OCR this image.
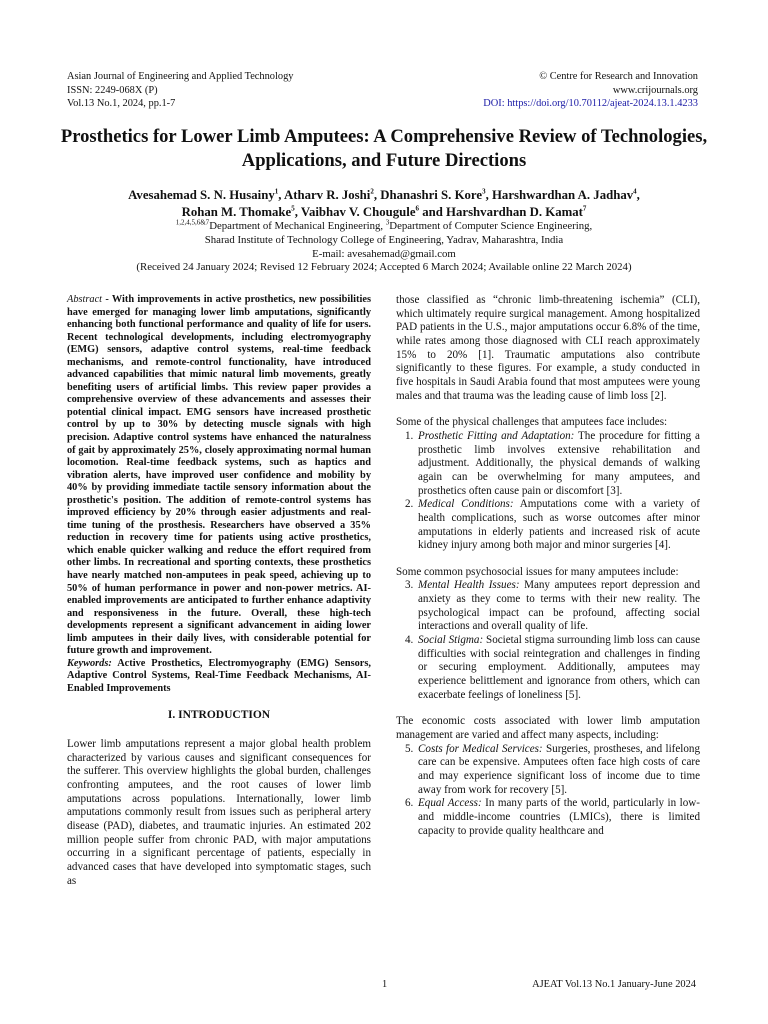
Asian Journal of Engineering and Applied Technology
ISSN: 2249-068X (P)
Vol.13 No.1, 2024, pp.1-7
© Centre for Research and Innovation
www.crijournals.org
DOI: https://doi.org/10.70112/ajeat-2024.13.1.4233
Prosthetics for Lower Limb Amputees: A Comprehensive Review of Technologies, Applications, and Future Directions
Avesahemad S. N. Husainy$^1$, Atharv R. Joshi$^2$, Dhanashri S. Kore$^3$, Harshwardhan A. Jadhav$^4$,
Rohan M. Thomake$^5$, Vaibhav V. Chougule$^6$ and Harshvardhan D. Kamat$^7$
$^{1,2,4,5,6\&7}$Department of Mechanical Engineering, $^3$Department of Computer Science Engineering,
Sharad Institute of Technology College of Engineering, Yadrav, Maharashtra, India
E-mail: avesahemad@gmail.com
(Received 24 January 2024; Revised 12 February 2024; Accepted 6 March 2024; Available online 22 March 2024)

Abstract - With improvements in active prosthetics, new possibilities have emerged for managing lower limb amputations, significantly enhancing both functional performance and quality of life for users. Recent technological developments, including electromyography (EMG) sensors, adaptive control systems, real-time feedback mechanisms, and remote-control functionality, have introduced advanced capabilities that mimic natural limb movements, greatly benefiting users of artificial limbs. This review paper provides a comprehensive overview of these advancements and assesses their potential clinical impact. EMG sensors have increased prosthetic control by up to 30% by detecting muscle signals with high precision. Adaptive control systems have enhanced the naturalness of gait by approximately 25%, closely approximating normal human locomotion. Real-time feedback systems, such as haptics and vibration alerts, have improved user confidence and mobility by 40% by providing immediate tactile sensory information about the prosthetic's position. The addition of remote-control systems has improved efficiency by 20% through easier adjustments and real-time tuning of the prosthesis. Researchers have observed a 35% reduction in recovery time for patients using active prosthetics, which enable quicker walking and reduce the effort required from other limbs. In recreational and sporting contexts, these prosthetics have nearly matched non-amputees in peak speed, achieving up to 50% of human performance in power and non-power metrics. AI-enabled improvements are anticipated to further enhance adaptivity and responsiveness in the future. Overall, these high-tech developments represent a significant advancement in aiding lower limb amputees in their daily lives, with considerable potential for future growth and improvement.

Keywords: Active Prosthetics, Electromyography (EMG) Sensors, Adaptive Control Systems, Real-Time Feedback Mechanisms, AI-Enabled Improvements

I. INTRODUCTION

Lower limb amputations represent a major global health problem characterized by various causes and significant consequences for the sufferer. This overview highlights the global burden, challenges confronting amputees, and the root causes of lower limb amputations across populations. Internationally, lower limb amputations commonly result from issues such as peripheral artery disease (PAD), diabetes, and traumatic injuries. An estimated 202 million people suffer from chronic PAD, with major amputations occurring in a significant percentage of patients, especially in advanced cases that have developed into symptomatic stages, such as

those classified as “chronic limb-threatening ischemia” (CLI), which ultimately require surgical management. Among hospitalized PAD patients in the U.S., major amputations occur 6.8% of the time, while rates among those diagnosed with CLI reach approximately 15% to 20% [1]. Traumatic amputations also contribute significantly to these figures. For example, a study conducted in five hospitals in Saudi Arabia found that most amputees were young males and that trauma was the leading cause of limb loss [2].

Some of the physical challenges that amputees face includes:

1. Prosthetic Fitting and Adaptation: The procedure for fitting a prosthetic limb involves extensive rehabilitation and adjustment. Additionally, the physical demands of walking again can be overwhelming for many amputees, and prosthetics often cause pain or discomfort [3].
2. Medical Conditions: Amputations come with a variety of health complications, such as worse outcomes after minor amputations in elderly patients and increased risk of acute kidney injury among both major and minor surgeries [4].

Some common psychosocial issues for many amputees include:

3. Mental Health Issues: Many amputees report depression and anxiety as they come to terms with their new reality. The psychological impact can be profound, affecting social interactions and overall quality of life.
4. Social Stigma: Societal stigma surrounding limb loss can cause difficulties with social reintegration and challenges in finding or securing employment. Additionally, amputees may experience belittlement and ignorance from others, which can exacerbate feelings of loneliness [5].

The economic costs associated with lower limb amputation management are varied and affect many aspects, including:

5. Costs for Medical Services: Surgeries, prostheses, and lifelong care can be expensive. Amputees often face high costs of care and may experience significant loss of income due to time away from work for recovery [5].
6. Equal Access: In many parts of the world, particularly in low- and middle-income countries (LMICs), there is limited capacity to provide quality healthcare and
1	AJEAT Vol.13 No.1 January-June 2024
